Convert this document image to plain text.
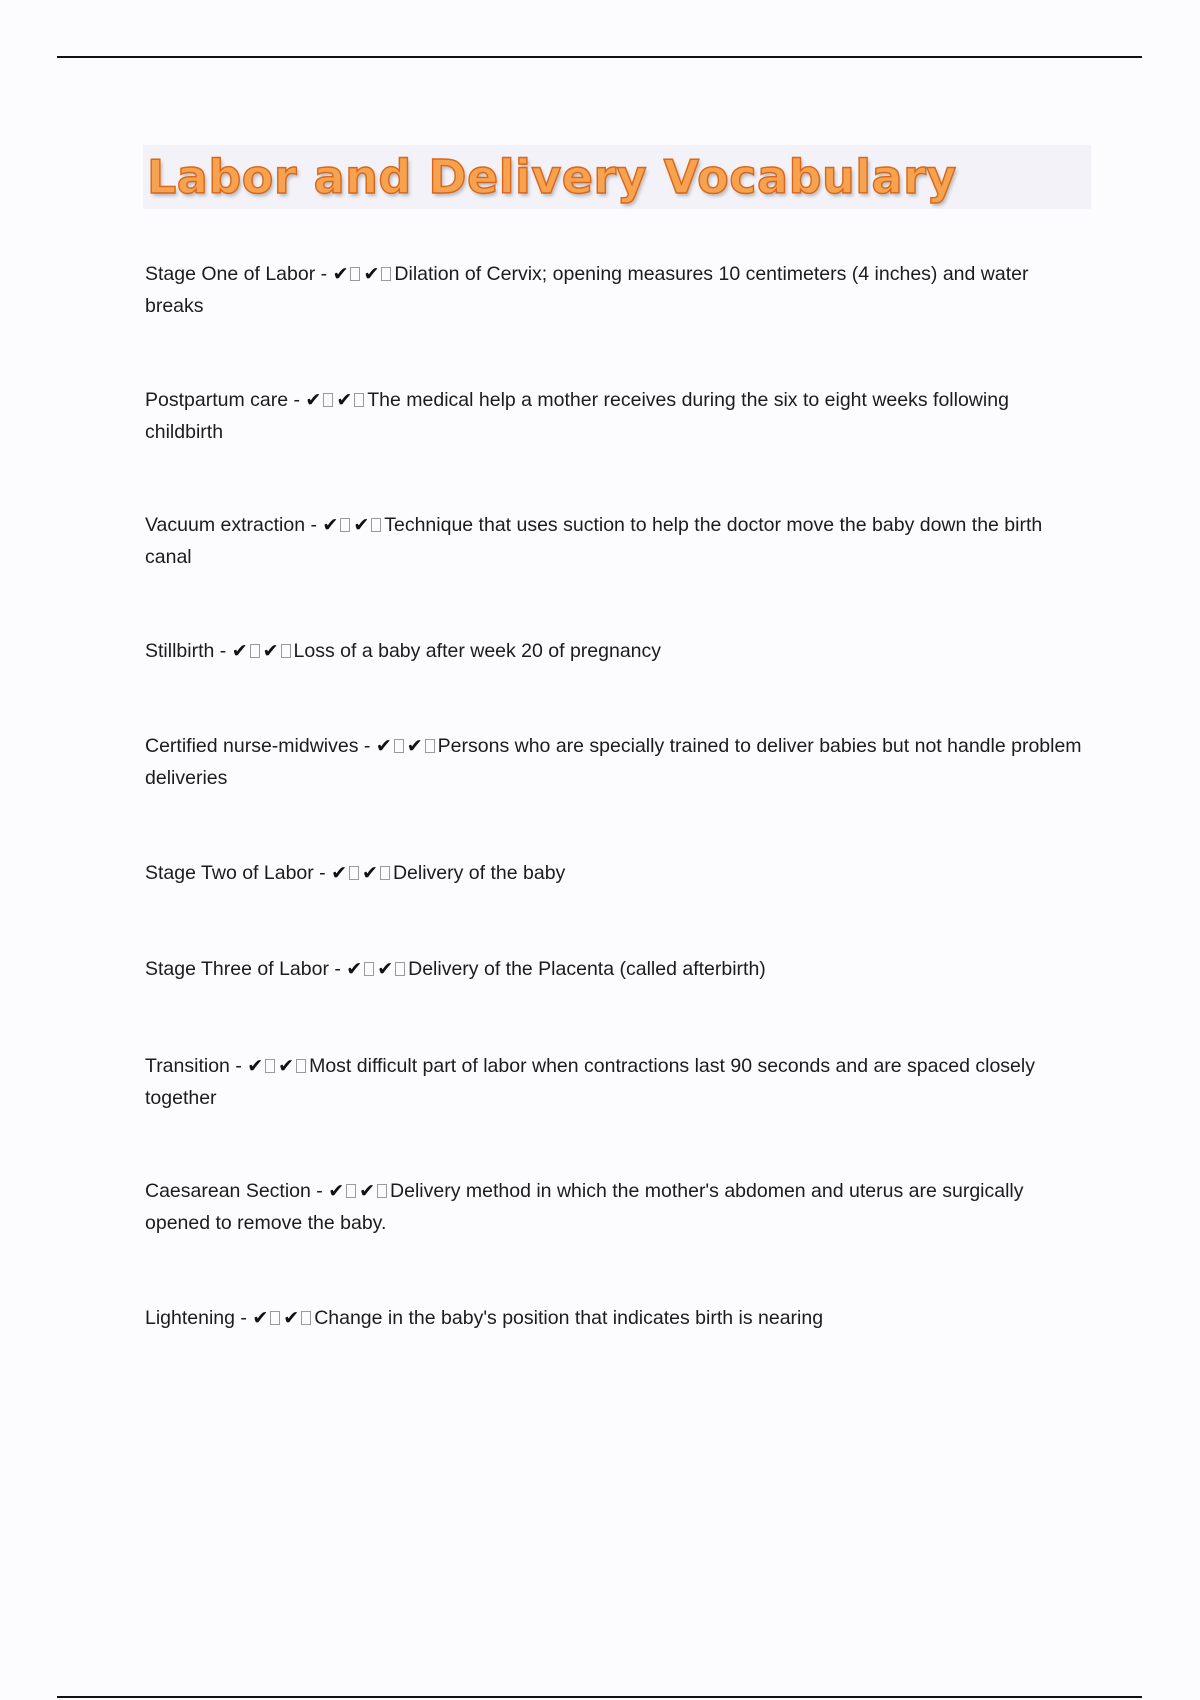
Labor and Delivery Vocabulary
Stage One of Labor - ✔ ✔ Dilation of Cervix; opening measures 10 centimeters (4 inches) and water breaks
Postpartum care - ✔ ✔ The medical help a mother receives during the six to eight weeks following childbirth
Vacuum extraction - ✔ ✔ Technique that uses suction to help the doctor move the baby down the birth canal
Stillbirth - ✔ ✔ Loss of a baby after week 20 of pregnancy
Certified nurse-midwives - ✔ ✔ Persons who are specially trained to deliver babies but not handle problem deliveries
Stage Two of Labor - ✔ ✔ Delivery of the baby
Stage Three of Labor - ✔ ✔ Delivery of the Placenta (called afterbirth)
Transition - ✔ ✔ Most difficult part of labor when contractions last 90 seconds and are spaced closely together
Caesarean Section - ✔ ✔ Delivery method in which the mother's abdomen and uterus are surgically opened to remove the baby.
Lightening - ✔ ✔ Change in the baby's position that indicates birth is nearing
